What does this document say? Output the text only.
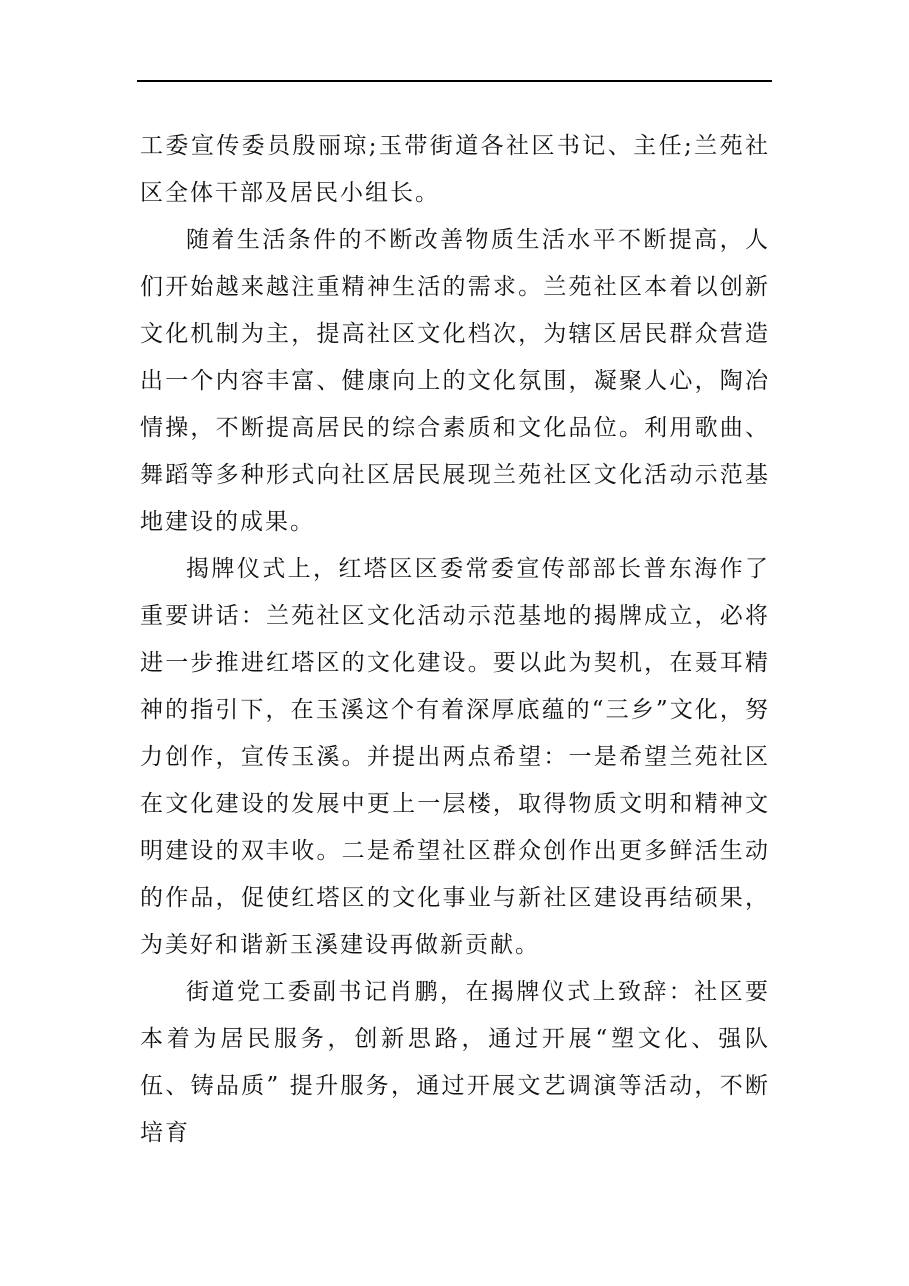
工委宣传委员殷丽琼;玉带街道各社区书记、主任;兰苑社区全体干部及居民小组长。

随着生活条件的不断改善物质生活水平不断提高，人们开始越来越注重精神生活的需求。兰苑社区本着以创新文化机制为主，提高社区文化档次，为辖区居民群众营造出一个内容丰富、健康向上的文化氛围，凝聚人心，陶冶情操，不断提高居民的综合素质和文化品位。利用歌曲、舞蹈等多种形式向社区居民展现兰苑社区文化活动示范基地建设的成果。

揭牌仪式上，红塔区区委常委宣传部部长普东海作了重要讲话：兰苑社区文化活动示范基地的揭牌成立，必将进一步推进红塔区的文化建设。要以此为契机，在聂耳精神的指引下，在玉溪这个有着深厚底蕴的“三乡”文化，努力创作，宣传玉溪。并提出两点希望：一是希望兰苑社区在文化建设的发展中更上一层楼，取得物质文明和精神文明建设的双丰收。二是希望社区群众创作出更多鲜活生动的作品，促使红塔区的文化事业与新社区建设再结硕果，为美好和谐新玉溪建设再做新贡献。

街道党工委副书记肖鹏，在揭牌仪式上致辞：社区要本着为居民服务，创新思路，通过开展“塑文化、强队伍、铸品质” 提升服务，通过开展文艺调演等活动，不断培育
